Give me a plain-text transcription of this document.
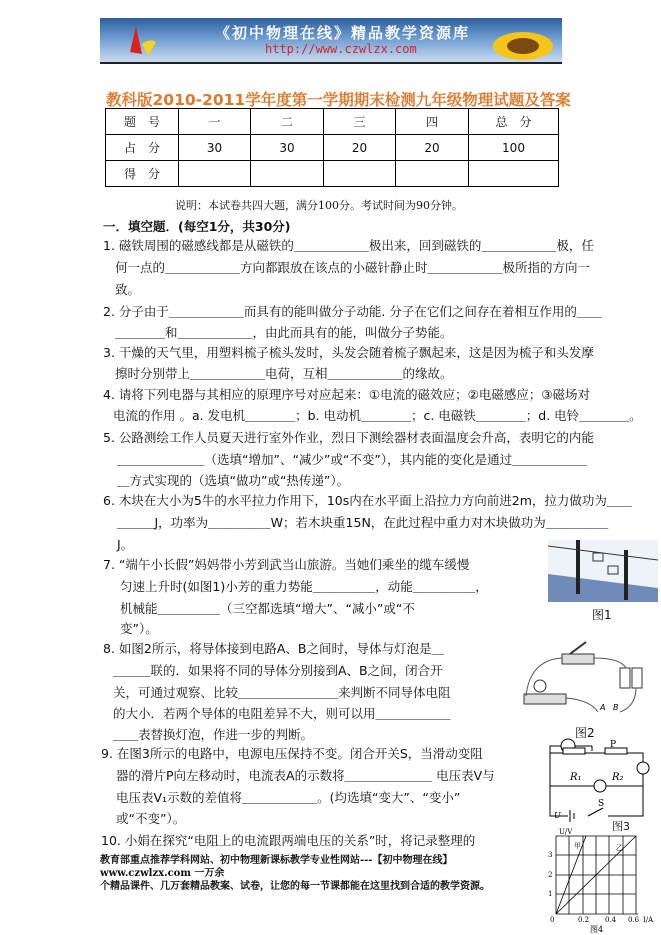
《初中物理在线》精品教学资源库
http://www.czwlzx.com
教科版2010-2011学年度第一学期期末检测九年级物理试题及答案
题　号	一	二	三	四	总　分
占　分	30	30	20	20	100
得　分					
说明：本试卷共四大题，满分100分。考试时间为90分钟。
一．填空题．(每空1分，共30分)
1. 磁铁周围的磁感线都是从磁铁的＿＿＿＿＿＿极出来，回到磁铁的＿＿＿＿＿＿极，任
何一点的＿＿＿＿＿＿方向都跟放在该点的小磁针静止时＿＿＿＿＿＿极所指的方向一
致。
2. 分子由于＿＿＿＿＿＿而具有的能叫做分子动能. 分子在它们之间存在着相互作用的＿＿
＿＿＿＿和＿＿＿＿＿＿，由此而具有的能，叫做分子势能。
3. 干燥的天气里，用塑料梳子梳头发时，头发会随着梳子飘起来，这是因为梳子和头发摩
擦时分别带上＿＿＿＿＿＿电荷，互相＿＿＿＿＿＿的缘故。
4. 请将下列电器与其相应的原理序号对应起来：①电流的磁效应；②电磁感应；③磁场对
电流的作用 。a. 发电机＿＿＿＿；b. 电动机＿＿＿＿；c. 电磁铁＿＿＿＿；d. 电铃＿＿＿＿。
5. 公路测绘工作人员夏天进行室外作业，烈日下测绘器材表面温度会升高，表明它的内能
＿＿＿＿＿＿＿（选填“增加”、“减少”或“不变”），其内能的变化是通过＿＿＿＿＿＿
＿方式实现的（选填“做功”或“热传递”）。
6. 木块在大小为5牛的水平拉力作用下，10s内在水平面上沿拉力方向前进2m，拉力做功为＿＿
＿＿＿J，功率为＿＿＿＿＿W；若木块重15N，在此过程中重力对木块做功为＿＿＿＿＿
J。
7. “端午小长假”妈妈带小芳到武当山旅游。当她们乘坐的缆车缓慢
匀速上升时(如图1)小芳的重力势能＿＿＿＿＿，动能＿＿＿＿＿，
机械能＿＿＿＿＿（三空都选填“增大”、“减小”或“不
变”）。
8. 如图2所示，将导体接到电路A、B之间时，导体与灯泡是＿
＿＿＿联的．如果将不同的导体分别接到A、B之间，闭合开
关，可通过观察、比较＿＿＿＿＿＿＿＿来判断不同导体电阻
的大小．若两个导体的电阻差异不大，则可以用＿＿＿＿＿＿
＿＿表替换灯泡，作进一步的判断。
9. 在图3所示的电路中，电源电压保持不变。闭合开关S，当滑动变阻
器的滑片P向左移动时，电流表A的示数将＿＿＿＿＿＿＿ 电压表V与
电压表V₁示数的差值将＿＿＿＿＿＿。(均选填“变大”、“变小”
或“不变”）。
10. 小娟在探究“电阻上的电流跟两端电压的关系”时，将记录整理的
教育部重点推荐学科网站、初中物理新课标教学专业性网站---【初中物理在线】www.czwlzx.com 一万余
个精品课件、几万套精品教案、试卷，让您的每一节课都能在这里找到合适的教学资源。
图1
A B
图2
R₁	R₂
P
S
U
图3
U/V
1
2
3
0	0.2 0.4 0.6 I/A
甲	乙
图4
